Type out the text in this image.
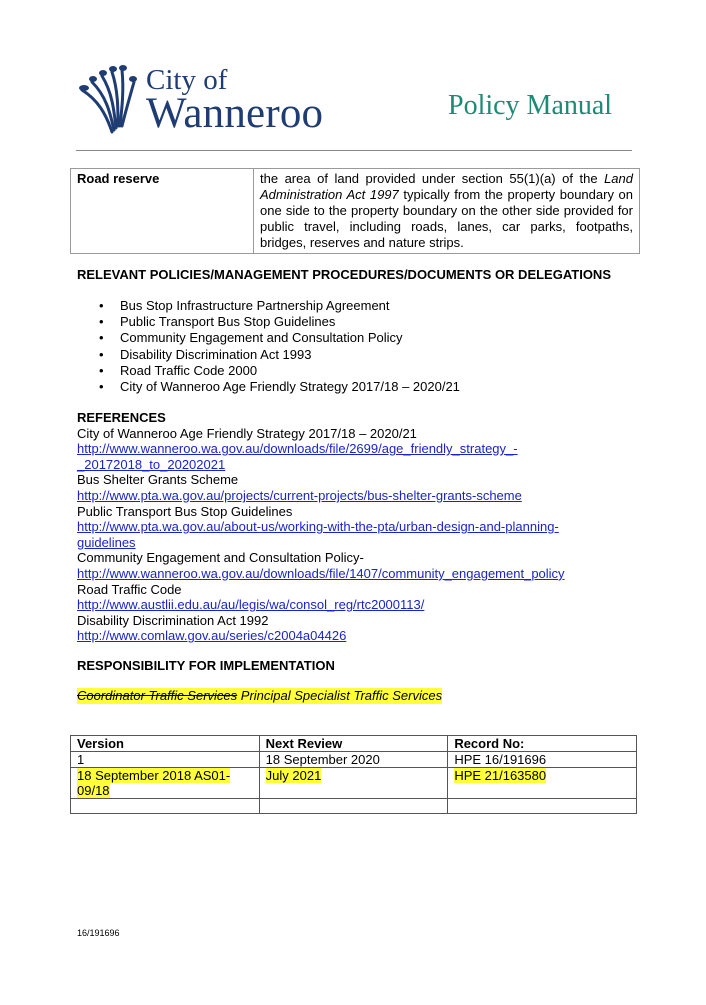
City of
Wanneroo	Policy Manual
Road reserve	the area of land provided under section 55(1)(a) of the Land Administration Act 1997 typically from the property boundary on one side to the property boundary on the other side provided for public travel, including roads, lanes, car parks, footpaths, bridges, reserves and nature strips.
RELEVANT POLICIES/MANAGEMENT PROCEDURES/DOCUMENTS OR DELEGATIONS
• Bus Stop Infrastructure Partnership Agreement
• Public Transport Bus Stop Guidelines
• Community Engagement and Consultation Policy
• Disability Discrimination Act 1993
• Road Traffic Code 2000
• City of Wanneroo Age Friendly Strategy 2017/18 – 2020/21
REFERENCES
City of Wanneroo Age Friendly Strategy 2017/18 – 2020/21
http://www.wanneroo.wa.gov.au/downloads/file/2699/age_friendly_strategy_-
_20172018_to_20202021
Bus Shelter Grants Scheme
http://www.pta.wa.gov.au/projects/current-projects/bus-shelter-grants-scheme
Public Transport Bus Stop Guidelines
http://www.pta.wa.gov.au/about-us/working-with-the-pta/urban-design-and-planning-
guidelines
Community Engagement and Consultation Policy-
http://www.wanneroo.wa.gov.au/downloads/file/1407/community_engagement_policy
Road Traffic Code
http://www.austlii.edu.au/au/legis/wa/consol_reg/rtc2000113/
Disability Discrimination Act 1992
http://www.comlaw.gov.au/series/c2004a04426
RESPONSIBILITY FOR IMPLEMENTATION
Coordinator Traffic Services Principal Specialist Traffic Services
Version	Next Review	Record No:
1	18 September 2020	HPE 16/191696
18 September 2018 AS01-09/18	July 2021	HPE 21/163580

16/191696
